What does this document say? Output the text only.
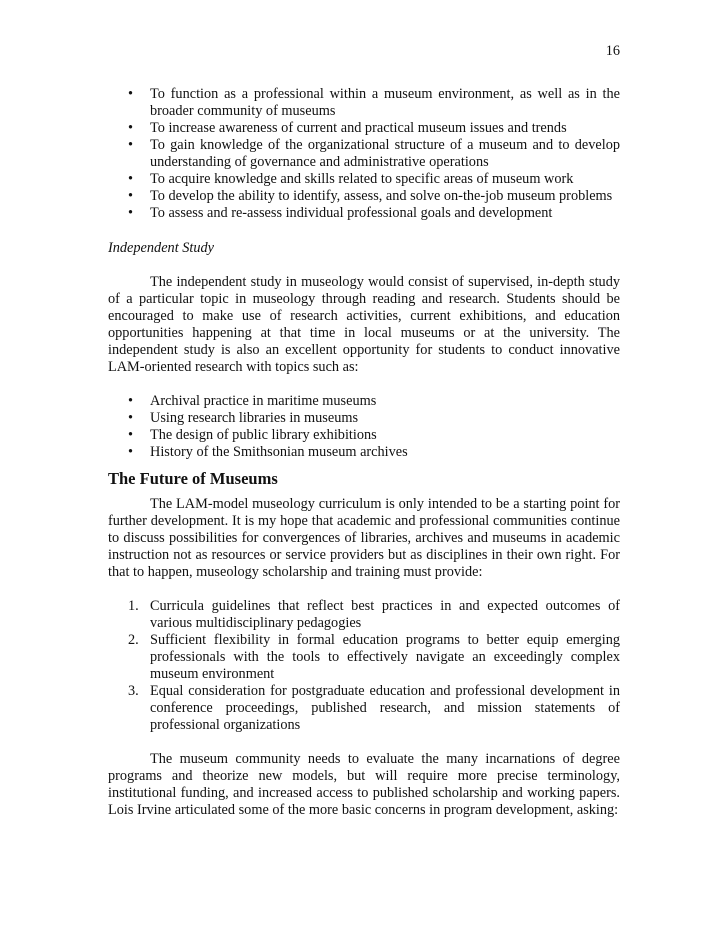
16
• To function as a professional within a museum environment, as well as in the broader community of museums
• To increase awareness of current and practical museum issues and trends
• To gain knowledge of the organizational structure of a museum and to develop understanding of governance and administrative operations
• To acquire knowledge and skills related to specific areas of museum work
• To develop the ability to identify, assess, and solve on-the-job museum problems
• To assess and re-assess individual professional goals and development
Independent Study

The independent study in museology would consist of supervised, in-depth study of a particular topic in museology through reading and research. Students should be encouraged to make use of research activities, current exhibitions, and education opportunities happening at that time in local museums or at the university. The independent study is also an excellent opportunity for students to conduct innovative LAM-oriented research with topics such as:

• Archival practice in maritime museums
• Using research libraries in museums
• The design of public library exhibitions
• History of the Smithsonian museum archives
The Future of Museums

The LAM-model museology curriculum is only intended to be a starting point for further development. It is my hope that academic and professional communities continue to discuss possibilities for convergences of libraries, archives and museums in academic instruction not as resources or service providers but as disciplines in their own right. For that to happen, museology scholarship and training must provide:

1. Curricula guidelines that reflect best practices in and expected outcomes of various multidisciplinary pedagogies
2. Sufficient flexibility in formal education programs to better equip emerging professionals with the tools to effectively navigate an exceedingly complex museum environment
3. Equal consideration for postgraduate education and professional development in conference proceedings, published research, and mission statements of professional organizations

The museum community needs to evaluate the many incarnations of degree programs and theorize new models, but will require more precise terminology, institutional funding, and increased access to published scholarship and working papers. Lois Irvine articulated some of the more basic concerns in program development, asking:
